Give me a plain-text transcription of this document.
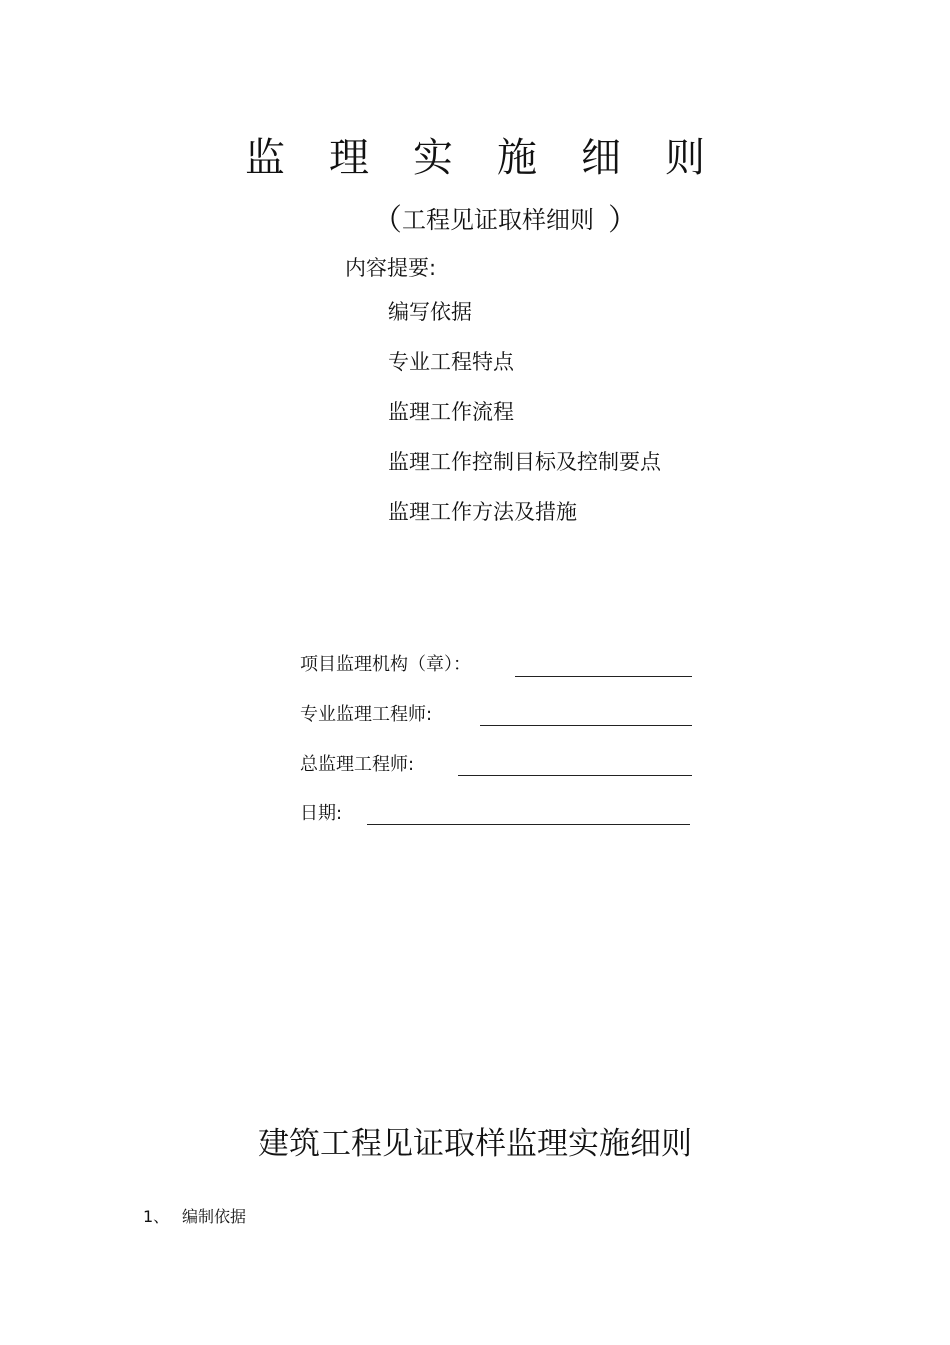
监	理	实	施	细	则
（工程见证取样细则 ）
内容提要:
编写依据
专业工程特点
监理工作流程
监理工作控制目标及控制要点
监理工作方法及措施
项目监理机构（章）：
专业监理工程师:
总监理工程师:
日期:
建筑工程见证取样监理实施细则
1、 编制依据
